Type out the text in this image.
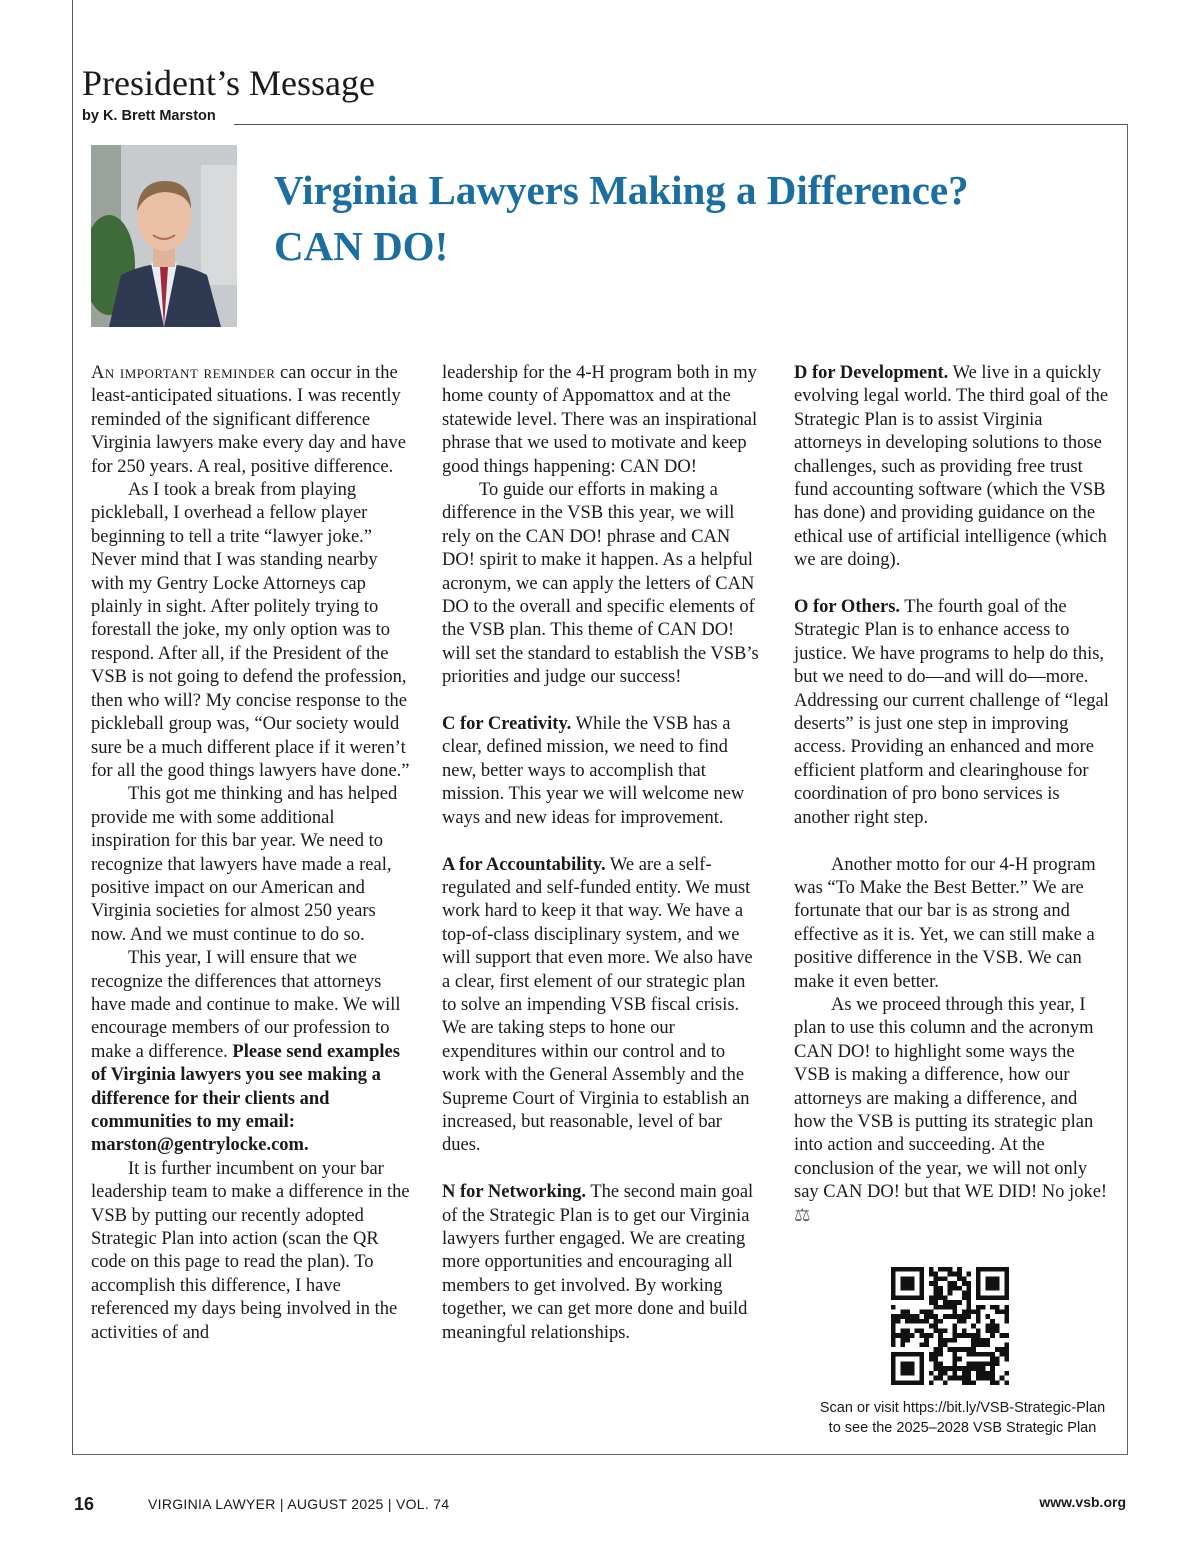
President’s Message
by K. Brett Marston
Virginia Lawyers Making a Difference?
CAN DO!

An important reminder can occur in the least-anticipated situations. I was recently reminded of the significant difference Virginia lawyers make every day and have for 250 years. A real, positive difference.

As I took a break from playing pickleball, I overhead a fellow player beginning to tell a trite “lawyer joke.” Never mind that I was standing nearby with my Gentry Locke Attorneys cap plainly in sight. After politely trying to forestall the joke, my only option was to respond. After all, if the President of the VSB is not going to defend the profession, then who will? My concise response to the pickleball group was, “Our society would sure be a much different place if it weren’t for all the good things lawyers have done.”

This got me thinking and has helped provide me with some additional inspiration for this bar year. We need to recognize that lawyers have made a real, positive impact on our American and Virginia societies for almost 250 years now. And we must continue to do so.

This year, I will ensure that we recognize the differences that attorneys have made and continue to make. We will encourage members of our profession to make a difference. Please send examples of Virginia lawyers you see making a difference for their clients and communities to my email: marston@gentrylocke.com.

It is further incumbent on your bar leadership team to make a difference in the VSB by putting our recently adopted Strategic Plan into action (scan the QR code on this page to read the plan). To accomplish this difference, I have referenced my days being involved in the activities of and

leadership for the 4-H program both in my home county of Appomattox and at the statewide level. There was an inspirational phrase that we used to motivate and keep good things happening: CAN DO!

To guide our efforts in making a difference in the VSB this year, we will rely on the CAN DO! phrase and CAN DO! spirit to make it happen. As a helpful acronym, we can apply the letters of CAN DO to the overall and specific elements of the VSB plan. This theme of CAN DO! will set the standard to establish the VSB’s priorities and judge our success!

C for Creativity. While the VSB has a clear, defined mission, we need to find new, better ways to accomplish that mission. This year we will welcome new ways and new ideas for improvement.

A for Accountability. We are a self-regulated and self-funded entity. We must work hard to keep it that way. We have a top-of-class disciplinary system, and we will support that even more. We also have a clear, first element of our strategic plan to solve an impending VSB fiscal crisis. We are taking steps to hone our expenditures within our control and to work with the General Assembly and the Supreme Court of Virginia to establish an increased, but reasonable, level of bar dues.

N for Networking. The second main goal of the Strategic Plan is to get our Virginia lawyers further engaged. We are creating more opportunities and encouraging all members to get involved. By working together, we can get more done and build meaningful relationships.

D for Development. We live in a quickly evolving legal world. The third goal of the Strategic Plan is to assist Virginia attorneys in developing solutions to those challenges, such as providing free trust fund accounting software (which the VSB has done) and providing guidance on the ethical use of artificial intelligence (which we are doing).

O for Others. The fourth goal of the Strategic Plan is to enhance access to justice. We have programs to help do this, but we need to do—and will do—more. Addressing our current challenge of “legal deserts” is just one step in improving access. Providing an enhanced and more efficient platform and clearinghouse for coordination of pro bono services is another right step.

Another motto for our 4-H program was “To Make the Best Better.” We are fortunate that our bar is as strong and effective as it is. Yet, we can still make a positive difference in the VSB. We can make it even better.

As we proceed through this year, I plan to use this column and the acronym CAN DO! to highlight some ways the VSB is making a difference, how our attorneys are making a difference, and how the VSB is putting its strategic plan into action and succeeding. At the conclusion of the year, we will not only say CAN DO! but that WE DID! No joke! ⚖

Scan or visit https://bit.ly/VSB-Strategic-Plan
to see the 2025–2028 VSB Strategic Plan
16	VIRGINIA LAWYER | AUGUST 2025 | VOL. 74	www.vsb.org
